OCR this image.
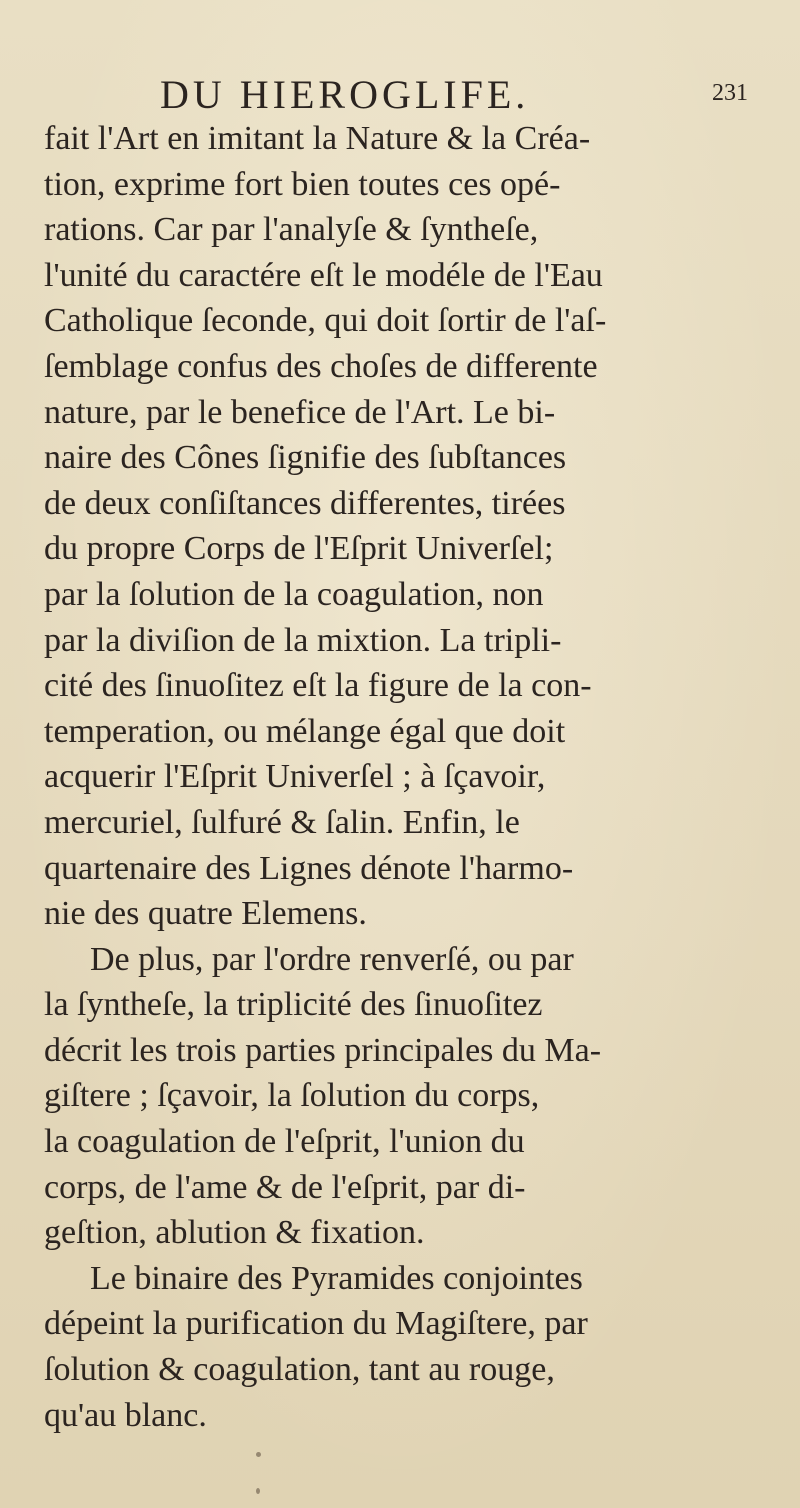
DU HIEROGLIFE.	231
fait l'Art en imitant la Nature & la Créa-
tion, exprime fort bien toutes ces opé-
rations. Car par l'analyſe & ſyntheſe,
l'unité du caractére eſt le modéle de l'Eau
Catholique ſeconde, qui doit ſortir de l'aſ-
ſemblage confus des choſes de differente
nature, par le benefice de l'Art. Le bi-
naire des Cônes ſignifie des ſubſtances
de deux conſiſtances differentes, tirées
du propre Corps de l'Eſprit Univerſel;
par la ſolution de la coagulation, non
par la diviſion de la mixtion. La tripli-
cité des ſinuoſitez eſt la figure de la con-
temperation, ou mélange égal que doit
acquerir l'Eſprit Univerſel ; à ſçavoir,
mercuriel, ſulfuré & ſalin. Enfin, le
quartenaire des Lignes dénote l'harmo-
nie des quatre Elemens.
De plus, par l'ordre renverſé, ou par
la ſyntheſe, la triplicité des ſinuoſitez
décrit les trois parties principales du Ma-
giſtere ; ſçavoir, la ſolution du corps,
la coagulation de l'eſprit, l'union du
corps, de l'ame & de l'eſprit, par di-
geſtion, ablution & fixation.
Le binaire des Pyramides conjointes
dépeint la purification du Magiſtere, par
ſolution & coagulation, tant au rouge,
qu'au blanc.
